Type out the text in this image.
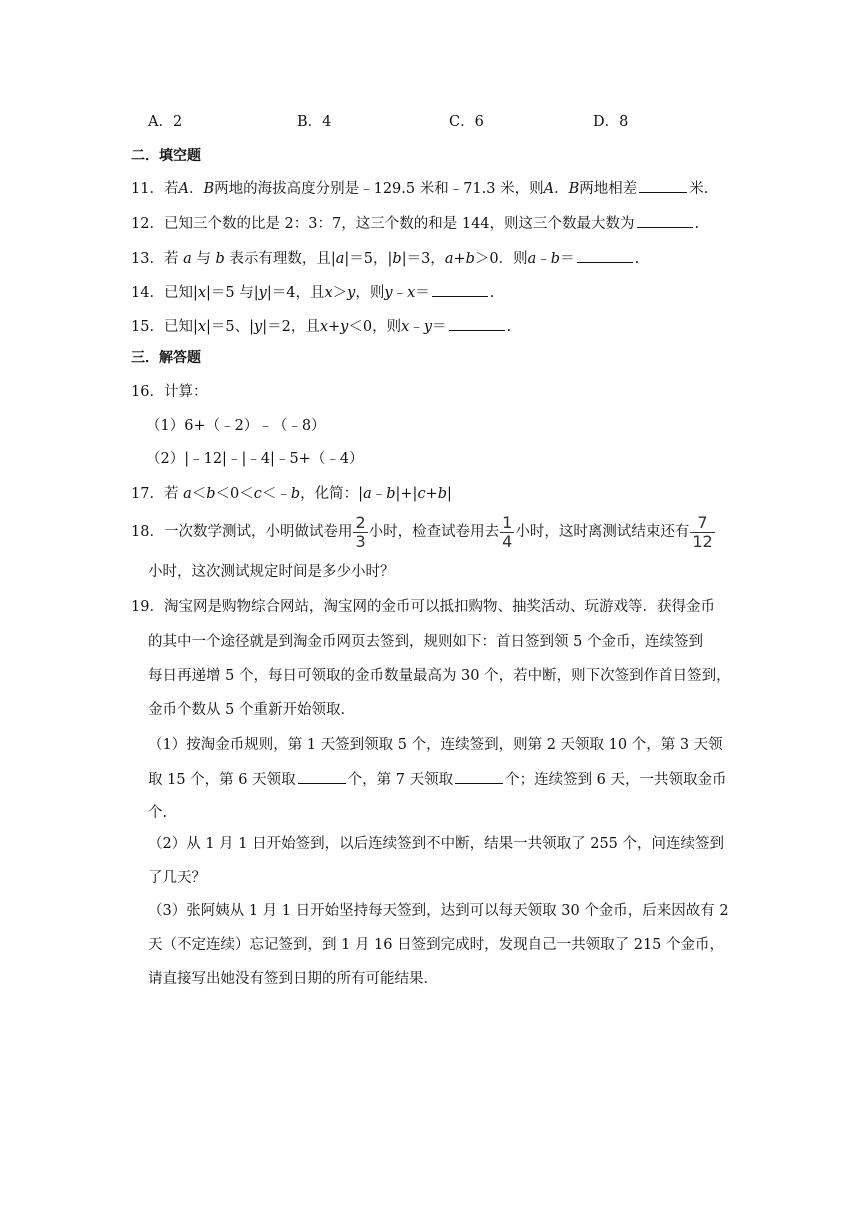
A．2	B．4	C．6	D．8
二．填空题
11．若A．B两地的海拔高度分别是﹣129.5 米和﹣71.3 米，则A．B两地相差	米.
12．已知三个数的比是 2：3：7，这三个数的和是 144，则这三个数最大数为	.
13．若 a 与 b 表示有理数，且|a|＝5，|b|＝3，a+b＞0．则a﹣b＝	.
14．已知|x|＝5 与|y|＝4，且x＞y，则y﹣x＝	.
15．已知|x|＝5、|y|＝2，且x+y＜0，则x﹣y＝	.
三．解答题
16．计算：
（1）6+（﹣2）﹣（﹣8）
（2）|﹣12|﹣|﹣4|﹣5+（﹣4）
17．若 a＜b＜0＜c＜﹣b，化简：|a﹣b|+|c+b|
18．一次数学测试，小明做试卷用 $\frac{2}{3}$ 小时，检查试卷用去 $\frac{1}{4}$ 小时，这时离测试结束还有 $\frac{7}{12}$
小时，这次测试规定时间是多少小时？
19．淘宝网是购物综合网站，淘宝网的金币可以抵扣购物、抽奖活动、玩游戏等．获得金币
的其中一个途径就是到淘金币网页去签到，规则如下：首日签到领 5 个金币，连续签到
每日再递增 5 个，每日可领取的金币数量最高为 30 个，若中断，则下次签到作首日签到，
金币个数从 5 个重新开始领取．
（1）按淘金币规则，第 1 天签到领取 5 个，连续签到，则第 2 天领取 10 个，第 3 天领
取 15 个，第 6 天领取	个，第 7 天领取	个；连续签到 6 天，一共领取金币
个．
（2）从 1 月 1 日开始签到，以后连续签到不中断，结果一共领取了 255 个，问连续签到
了几天？
（3）张阿姨从 1 月 1 日开始坚持每天签到，达到可以每天领取 30 个金币，后来因故有 2
天（不定连续）忘记签到，到 1 月 16 日签到完成时，发现自己一共领取了 215 个金币，
请直接写出她没有签到日期的所有可能结果．
